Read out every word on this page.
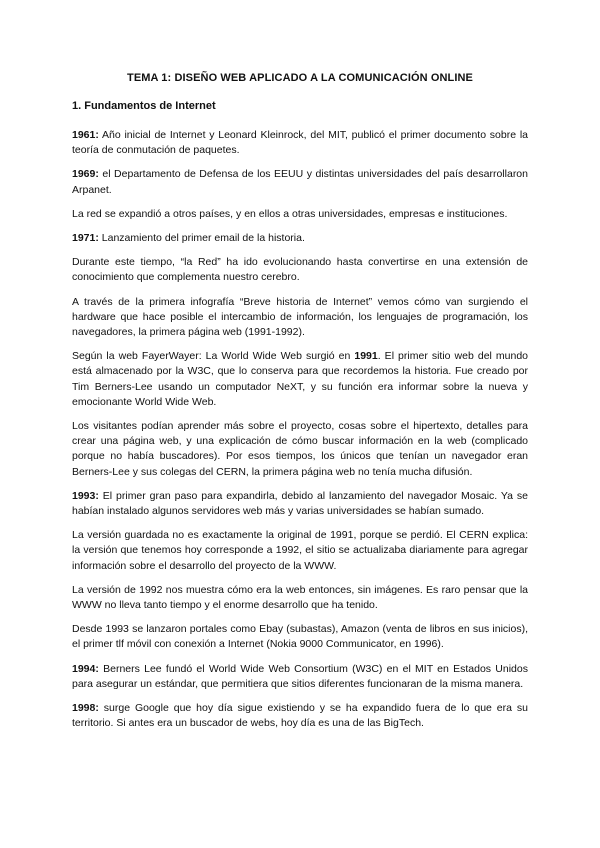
TEMA 1: DISEÑO WEB APLICADO A LA COMUNICACIÓN ONLINE
1. Fundamentos de Internet

1961: Año inicial de Internet y Leonard Kleinrock, del MIT, publicó el primer documento sobre la teoría de conmutación de paquetes.

1969: el Departamento de Defensa de los EEUU y distintas universidades del país desarrollaron Arpanet.

La red se expandió a otros países, y en ellos a otras universidades, empresas e instituciones.

1971: Lanzamiento del primer email de la historia.

Durante este tiempo, “la Red” ha ido evolucionando hasta convertirse en una extensión de conocimiento que complementa nuestro cerebro.

A través de la primera infografía “Breve historia de Internet” vemos cómo van surgiendo el hardware que hace posible el intercambio de información, los lenguajes de programación, los navegadores, la primera página web (1991-1992).

Según la web FayerWayer: La World Wide Web surgió en 1991. El primer sitio web del mundo está almacenado por la W3C, que lo conserva para que recordemos la historia. Fue creado por Tim Berners-Lee usando un computador NeXT, y su función era informar sobre la nueva y emocionante World Wide Web.

Los visitantes podían aprender más sobre el proyecto, cosas sobre el hipertexto, detalles para crear una página web, y una explicación de cómo buscar información en la web (complicado porque no había buscadores). Por esos tiempos, los únicos que tenían un navegador eran Berners-Lee y sus colegas del CERN, la primera página web no tenía mucha difusión.

1993: El primer gran paso para expandirla, debido al lanzamiento del navegador Mosaic. Ya se habían instalado algunos servidores web más y varias universidades se habían sumado.

La versión guardada no es exactamente la original de 1991, porque se perdió. El CERN explica: la versión que tenemos hoy corresponde a 1992, el sitio se actualizaba diariamente para agregar información sobre el desarrollo del proyecto de la WWW.

La versión de 1992 nos muestra cómo era la web entonces, sin imágenes. Es raro pensar que la WWW no lleva tanto tiempo y el enorme desarrollo que ha tenido.

Desde 1993 se lanzaron portales como Ebay (subastas), Amazon (venta de libros en sus inicios), el primer tlf móvil con conexión a Internet (Nokia 9000 Communicator, en 1996).

1994: Berners Lee fundó el World Wide Web Consortium (W3C) en el MIT en Estados Unidos para asegurar un estándar, que permitiera que sitios diferentes funcionaran de la misma manera.

1998: surge Google que hoy día sigue existiendo y se ha expandido fuera de lo que era su territorio. Si antes era un buscador de webs, hoy día es una de las BigTech.
